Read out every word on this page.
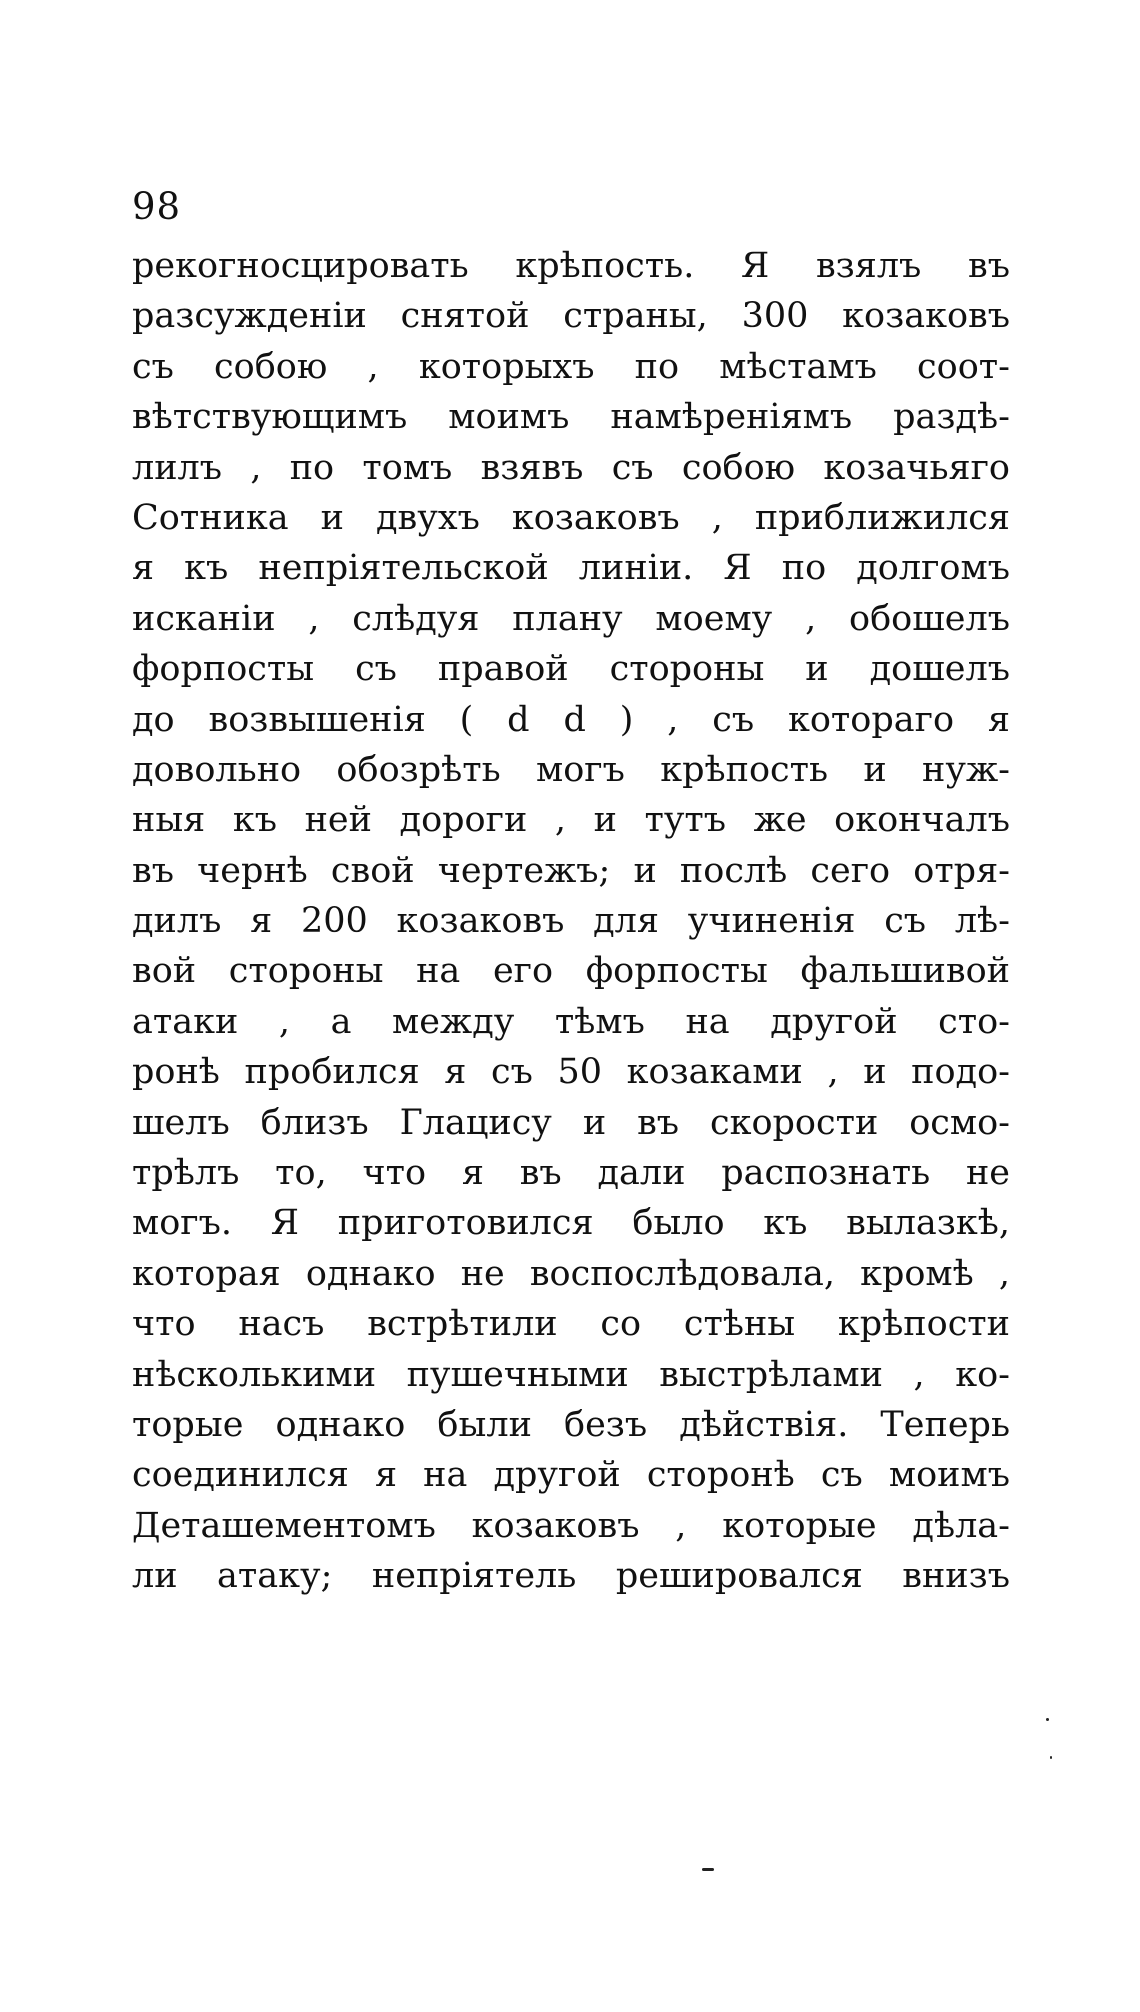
98
рекогносцировать крѣпость. Я взялъ въ
разсужденіи снятой страны, 300 козаковъ
съ собою , которыхъ по мѣстамъ соот-
вѣтствующимъ моимъ намѣреніямъ раздѣ-
лилъ , по томъ взявъ съ собою козачьяго
Сотника и двухъ козаковъ , приближился
я къ непріятельской линіи. Я по долгомъ
исканіи , слѣдуя плану моему , обошелъ
форпосты съ правой стороны и дошелъ
до возвышенія ( d d ) , съ котораго я
довольно обозрѣть могъ крѣпость и нуж-
ныя къ ней дороги , и тутъ же окончалъ
въ чернѣ свой чертежъ; и послѣ сего отря-
дилъ я 200 козаковъ для учиненія съ лѣ-
вой стороны на его форпосты фальшивой
атаки , а между тѣмъ на другой сто-
ронѣ пробился я съ 50 козаками , и подо-
шелъ близъ Глацису и въ скорости осмо-
трѣлъ то, что я въ дали распознать не
могъ. Я приготовился было къ вылазкѣ,
которая однако не воспослѣдовала, кромѣ ,
что насъ встрѣтили со стѣны крѣпости
нѣсколькими пушечными выстрѣлами , ко-
торые однако были безъ дѣйствія. Теперь
соединился я на другой сторонѣ съ моимъ
Деташементомъ козаковъ , которые дѣла-
ли атаку; непріятель решировался внизъ
